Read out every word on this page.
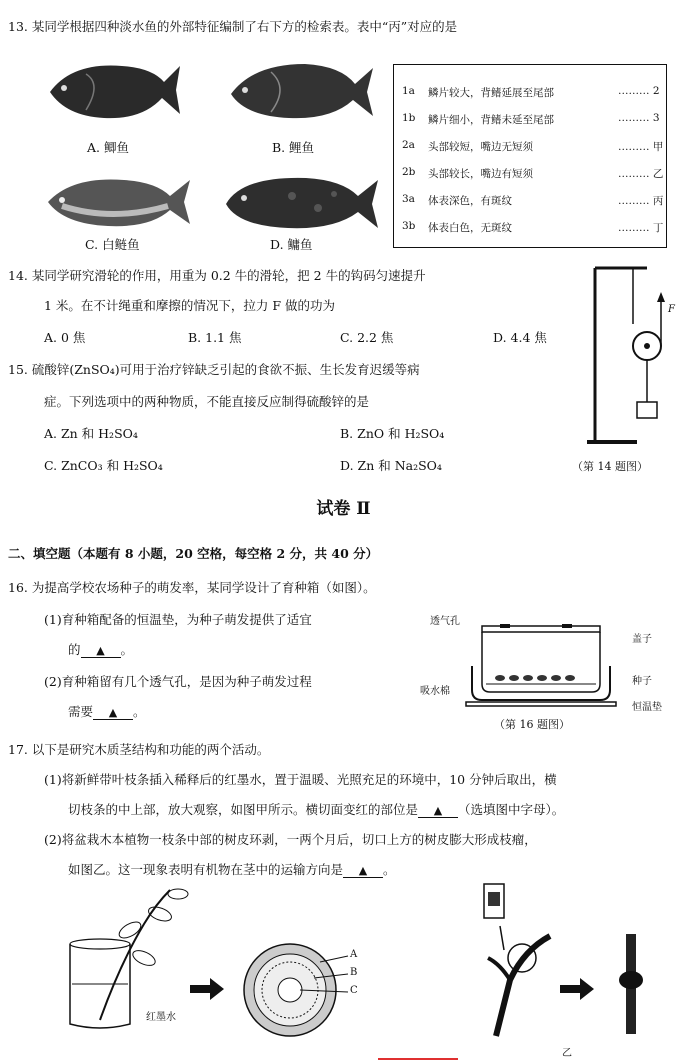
13. 某同学根据四种淡水鱼的外部特征编制了右下方的检索表。表中“丙”对应的是
A. 鲫鱼	B. 鲤鱼
C. 白鲢鱼	D. 鳙鱼
1a	鳞片较大，背鳍延展至尾部	……… 2
1b	鳞片细小，背鳍未延至尾部	……… 3
2a	头部较短，嘴边无短须	……… 甲
2b	头部较长，嘴边有短须	……… 乙
3a	体表深色，有斑纹	……… 丙
3b	体表白色，无斑纹	……… 丁
14. 某同学研究滑轮的作用，用重为 0.2 牛的滑轮，把 2 牛的钩码匀速提升
1 米。在不计绳重和摩擦的情况下，拉力 F 做的功为
A. 0 焦	B. 1.1 焦	C. 2.2 焦	D. 4.4 焦
F
（第 14 题图）
15. 硫酸锌(ZnSO₄)可用于治疗锌缺乏引起的食欲不振、生长发育迟缓等病
症。下列选项中的两种物质，不能直接反应制得硫酸锌的是
A. Zn 和 H₂SO₄	B. ZnO 和 H₂SO₄
C. ZnCO₃ 和 H₂SO₄	D. Zn 和 Na₂SO₄
试卷 Ⅱ
二、填空题（本题有 8 小题，20 空格，每空格 2 分，共 40 分）
16. 为提高学校农场种子的萌发率，某同学设计了育种箱（如图）。
(1)育种箱配备的恒温垫，为种子萌发提供了适宜
的 ▲ 。
(2)育种箱留有几个透气孔，是因为种子萌发过程
需要 ▲ 。
透气孔
盖子
种子
吸水棉
恒温垫
（第 16 题图）
17. 以下是研究木质茎结构和功能的两个活动。
(1)将新鲜带叶枝条插入稀释后的红墨水，置于温暖、光照充足的环境中，10 分钟后取出，横
切枝条的中上部，放大观察，如图甲所示。横切面变红的部位是 ▲ （选填图中字母）。
(2)将盆栽木本植物一枝条中部的树皮环剥，一两个月后，切口上方的树皮膨大形成枝瘤，
如图乙。这一现象表明有机物在茎中的运输方向是 ▲ 。
红墨水
A
B
C
乙
